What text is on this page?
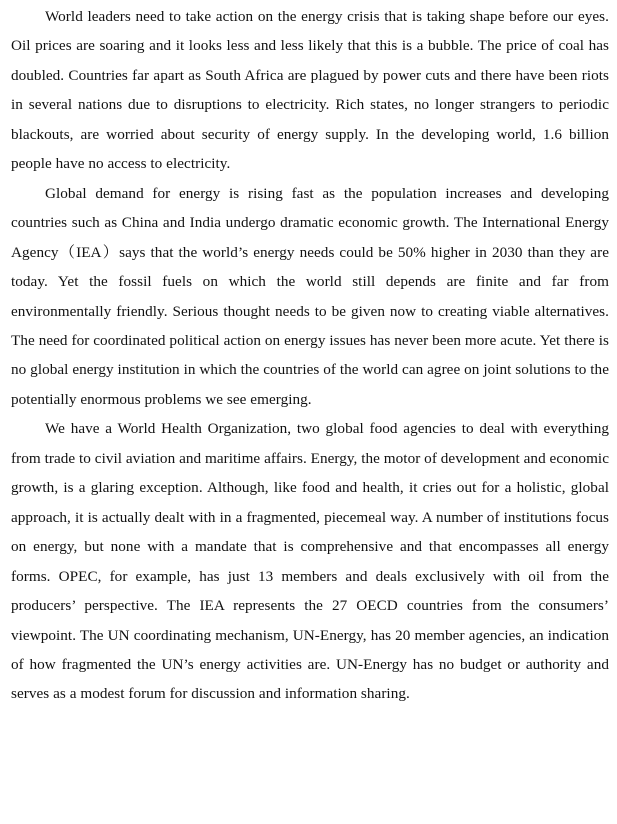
World leaders need to take action on the energy crisis that is taking shape before our eyes. Oil prices are soaring and it looks less and less likely that this is a bubble. The price of coal has doubled. Countries far apart as South Africa are plagued by power cuts and there have been riots in several nations due to disruptions to electricity. Rich states, no longer strangers to periodic blackouts, are worried about security of energy supply. In the developing world, 1.6 billion people have no access to electricity.

Global demand for energy is rising fast as the population increases and developing countries such as China and India undergo dramatic economic growth. The International Energy Agency（IEA）says that the world’s energy needs could be 50% higher in 2030 than they are today. Yet the fossil fuels on which the world still depends are finite and far from environmentally friendly. Serious thought needs to be given now to creating viable alternatives. The need for coordinated political action on energy issues has never been more acute. Yet there is no global energy institution in which the countries of the world can agree on joint solutions to the potentially enormous problems we see emerging.

We have a World Health Organization, two global food agencies to deal with everything from trade to civil aviation and maritime affairs. Energy, the motor of development and economic growth, is a glaring exception. Although, like food and health, it cries out for a holistic, global approach, it is actually dealt with in a fragmented, piecemeal way. A number of institutions focus on energy, but none with a mandate that is comprehensive and that encompasses all energy forms. OPEC, for example, has just 13 members and deals exclusively with oil from the producers’ perspective. The IEA represents the 27 OECD countries from the consumers’ viewpoint. The UN coordinating mechanism, UN-Energy, has 20 member agencies, an indication of how fragmented the UN’s energy activities are. UN-Energy has no budget or authority and serves as a modest forum for discussion and information sharing.
